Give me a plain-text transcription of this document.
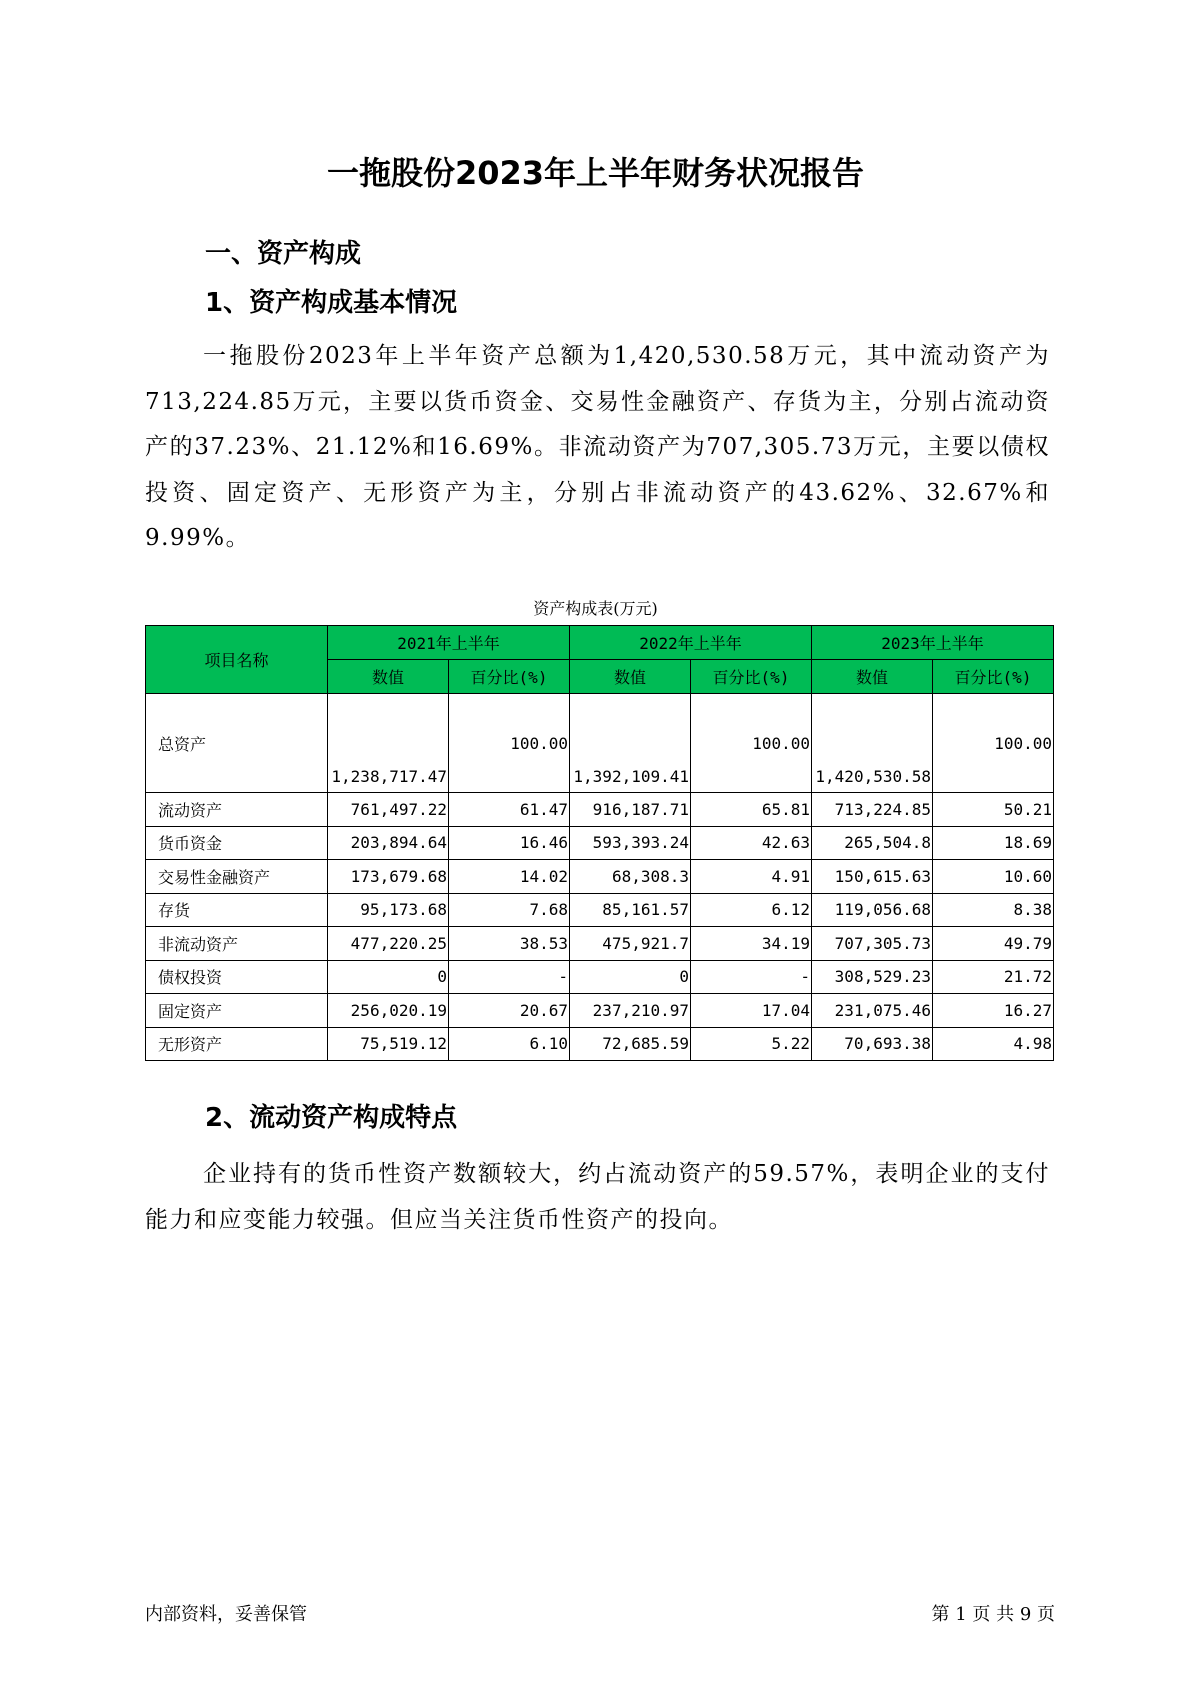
一拖股份2023年上半年财务状况报告
一、资产构成
1、资产构成基本情况
一拖股份2023年上半年资产总额为1,420,530.58万元，其中流动资产为713,224.85万元，主要以货币资金、交易性金融资产、存货为主，分别占流动资产的37.23%、21.12%和16.69%。非流动资产为707,305.73万元，主要以债权投资、固定资产、无形资产为主，分别占非流动资产的43.62%、32.67%和9.99%。
资产构成表(万元)
项目名称	2021年上半年		2022年上半年		2023年上半年	
	数值	百分比(%)	数值	百分比(%)	数值	百分比(%)
总资产	1,238,717.47	100.00	1,392,109.41	100.00	1,420,530.58	100.00
流动资产	761,497.22	61.47	916,187.71	65.81	713,224.85	50.21
货币资金	203,894.64	16.46	593,393.24	42.63	265,504.8	18.69
交易性金融资产	173,679.68	14.02	68,308.3	4.91	150,615.63	10.60
存货	95,173.68	7.68	85,161.57	6.12	119,056.68	8.38
非流动资产	477,220.25	38.53	475,921.7	34.19	707,305.73	49.79
债权投资	0	-	0	-	308,529.23	21.72
固定资产	256,020.19	20.67	237,210.97	17.04	231,075.46	16.27
无形资产	75,519.12	6.10	72,685.59	5.22	70,693.38	4.98
2、流动资产构成特点
企业持有的货币性资产数额较大，约占流动资产的59.57%，表明企业的支付能力和应变能力较强。但应当关注货币性资产的投向。
内部资料，妥善保管	第 1 页 共 9 页
